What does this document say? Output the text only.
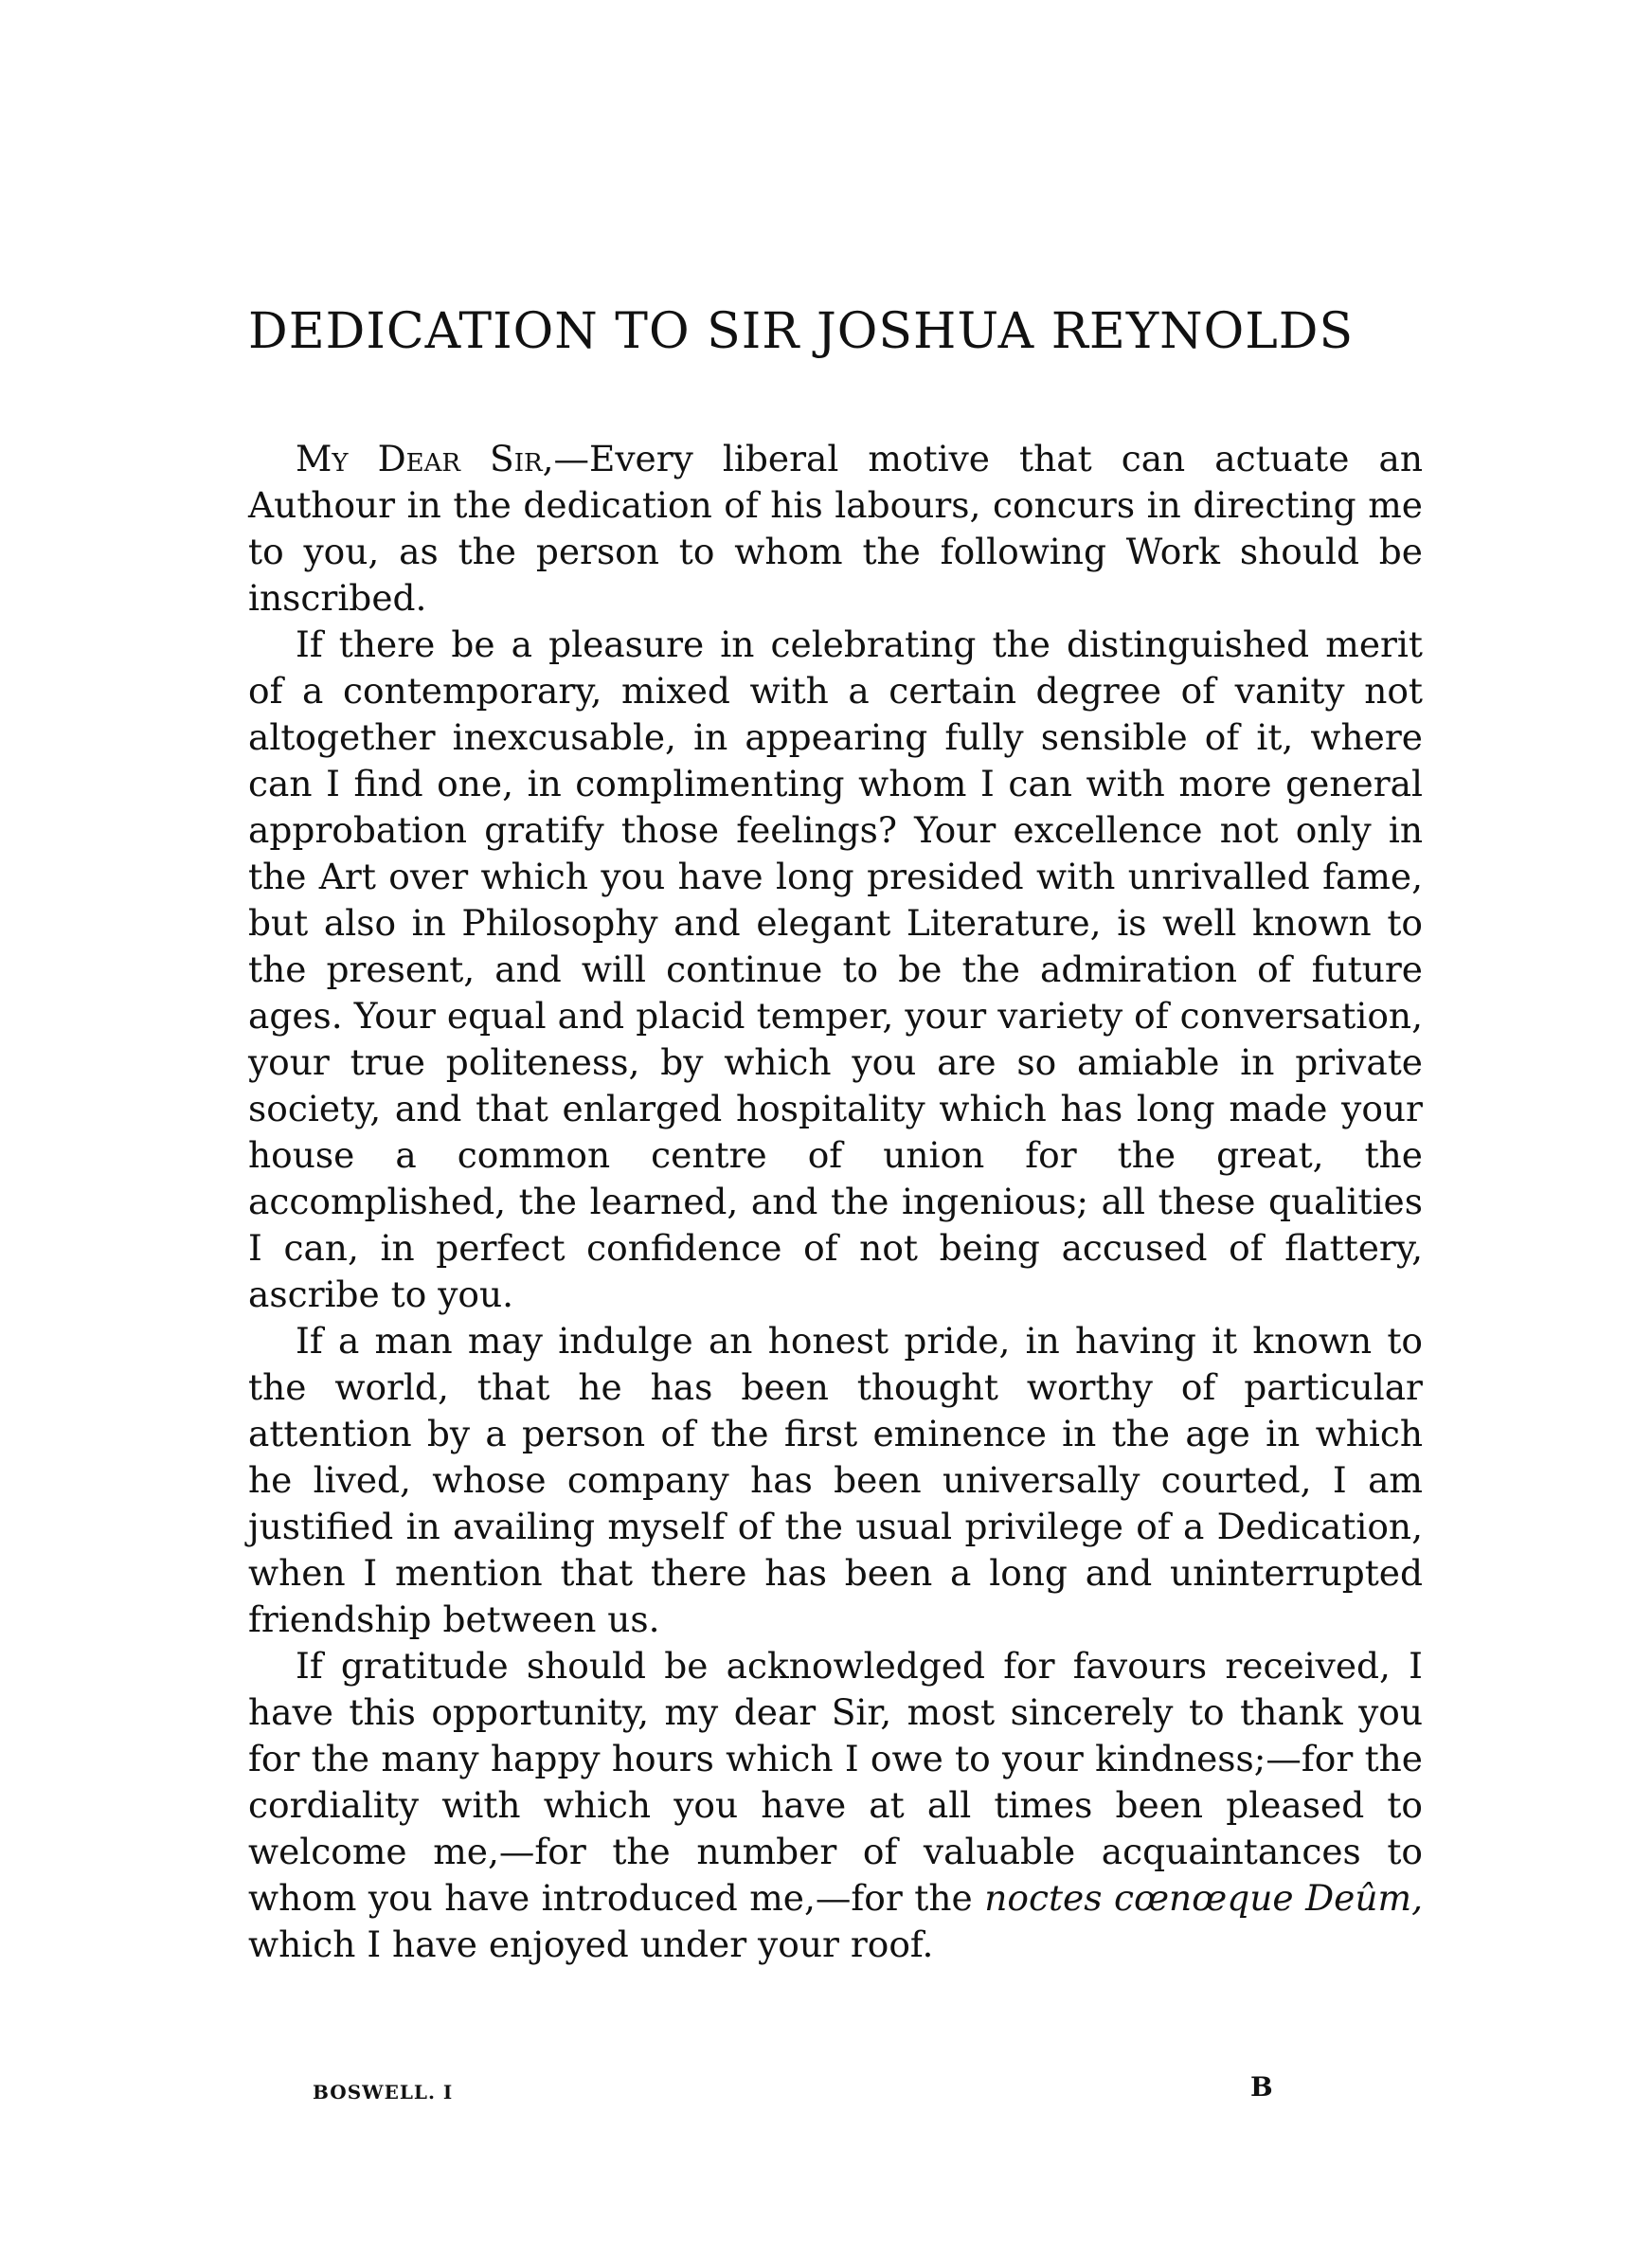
DEDICATION TO SIR JOSHUA REYNOLDS

My Dear Sir,—Every liberal motive that can actuate an Authour in the dedication of his labours, concurs in directing me to you, as the person to whom the following Work should be inscribed.

If there be a pleasure in celebrating the distinguished merit of a contemporary, mixed with a certain degree of vanity not altogether inexcusable, in appearing fully sensible of it, where can I find one, in complimenting whom I can with more general approbation gratify those feelings? Your excellence not only in the Art over which you have long presided with unrivalled fame, but also in Philosophy and elegant Literature, is well known to the present, and will continue to be the admiration of future ages. Your equal and placid temper, your variety of conversation, your true politeness, by which you are so amiable in private society, and that enlarged hospitality which has long made your house a common centre of union for the great, the accomplished, the learned, and the ingenious; all these qualities I can, in perfect confidence of not being accused of flattery, ascribe to you.

If a man may indulge an honest pride, in having it known to the world, that he has been thought worthy of particular attention by a person of the first eminence in the age in which he lived, whose company has been universally courted, I am justified in availing myself of the usual privilege of a Dedication, when I mention that there has been a long and uninterrupted friendship between us.

If gratitude should be acknowledged for favours received, I have this opportunity, my dear Sir, most sincerely to thank you for the many happy hours which I owe to your kindness;—for the cordiality with which you have at all times been pleased to welcome me,—for the number of valuable acquaintances to whom you have introduced me,—for the noctes cœnœque Deûm, which I have enjoyed under your roof.

BOSWELL. I	B
